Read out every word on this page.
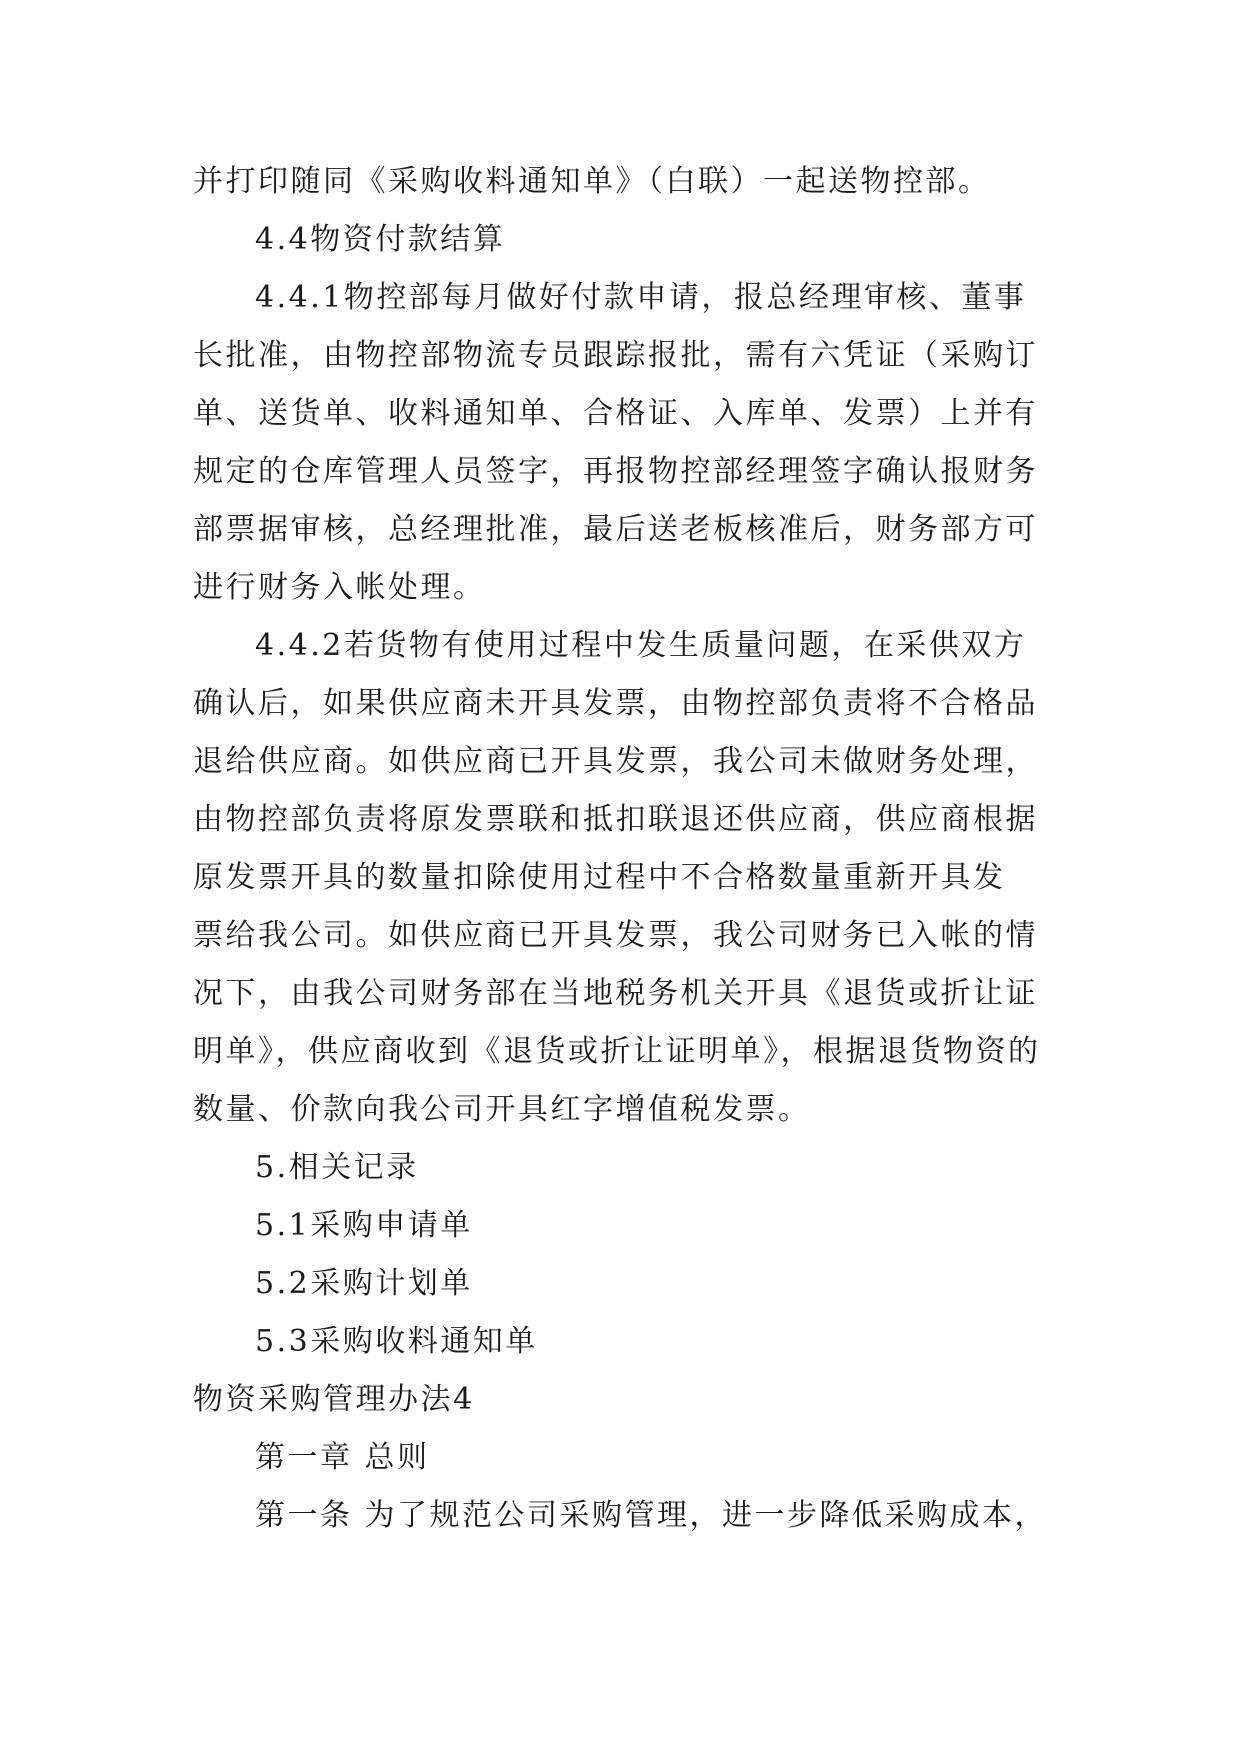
并打印随同《采购收料通知单》（白联）一起送物控部。
4.4物资付款结算
4.4.1物控部每月做好付款申请，报总经理审核、董事
长批准，由物控部物流专员跟踪报批，需有六凭证（采购订
单、送货单、收料通知单、合格证、入库单、发票）上并有
规定的仓库管理人员签字，再报物控部经理签字确认报财务
部票据审核，总经理批准，最后送老板核准后，财务部方可
进行财务入帐处理。
4.4.2若货物有使用过程中发生质量问题，在采供双方
确认后，如果供应商未开具发票，由物控部负责将不合格品
退给供应商。如供应商已开具发票，我公司未做财务处理，
由物控部负责将原发票联和抵扣联退还供应商，供应商根据
原发票开具的数量扣除使用过程中不合格数量重新开具发
票给我公司。如供应商已开具发票，我公司财务已入帐的情
况下，由我公司财务部在当地税务机关开具《退货或折让证
明单》，供应商收到《退货或折让证明单》，根据退货物资的
数量、价款向我公司开具红字增值税发票。
5.相关记录
5.1采购申请单
5.2采购计划单
5.3采购收料通知单
物资采购管理办法4
第一章 总则
第一条 为了规范公司采购管理，进一步降低采购成本，
